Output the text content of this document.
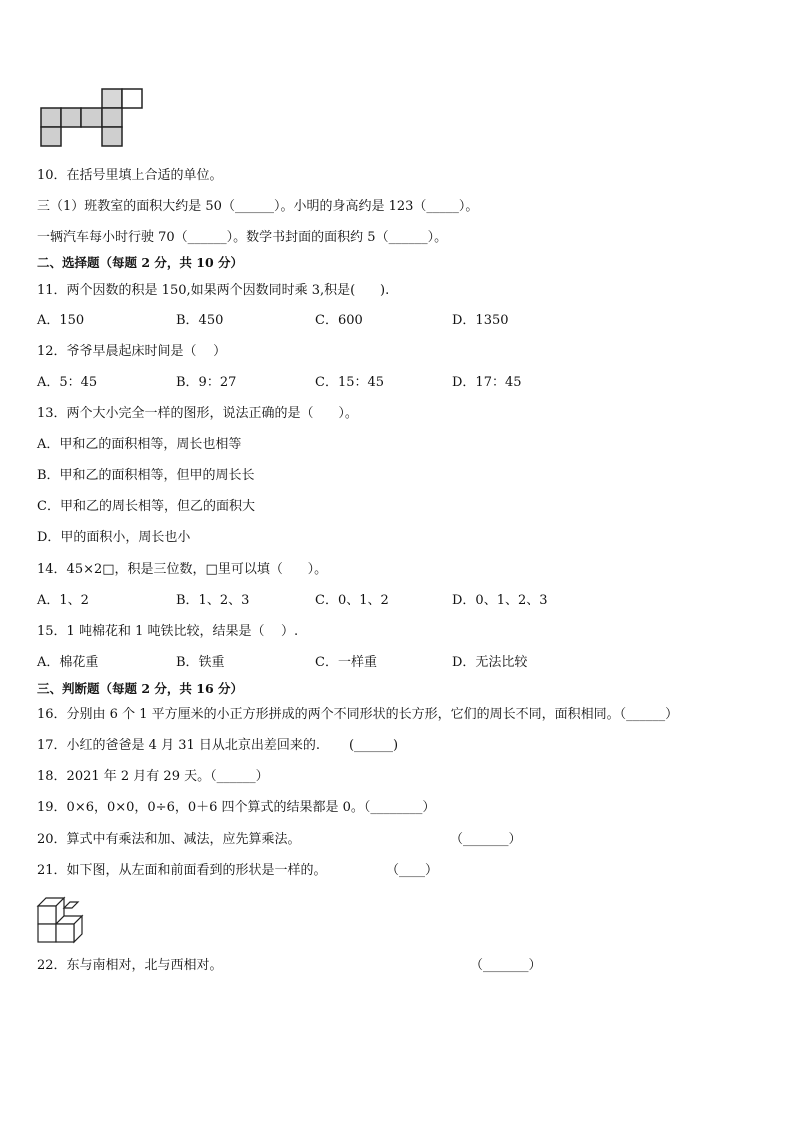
10．在括号里填上合适的单位。
三（1）班教室的面积大约是 50（______）。小明的身高约是 123（_____）。
一辆汽车每小时行驶 70（______）。数学书封面的面积约 5（______）。
二、选择题（每题 2 分，共 10 分）
11．两个因数的积是 150,如果两个因数同时乘 3,积是(      ).
A．150	B．450	C．600	D．1350
12．爷爷早晨起床时间是（    ）
A．5：45	B．9：27	C．15：45	D．17：45
13．两个大小完全一样的图形，说法正确的是（      ）。
A．甲和乙的面积相等，周长也相等
B．甲和乙的面积相等，但甲的周长长
C．甲和乙的周长相等，但乙的面积大
D．甲的面积小，周长也小
14．45×2□，积是三位数，□里可以填（      ）。
A．1、2	B．1、2、3	C．0、1、2	D．0、1、2、3
15．1 吨棉花和 1 吨铁比较，结果是（    ）.
A．棉花重	B．铁重	C．一样重	D．无法比较
三、判断题（每题 2 分，共 16 分）
16．分别由 6 个 1 平方厘米的小正方形拼成的两个不同形状的长方形，它们的周长不同，面积相同。（______）
17．小红的爸爸是 4 月 31 日从北京出差回来的.       (______)
18．2021 年 2 月有 29 天。（______）
19．0×6，0×0，0÷6，0＋6 四个算式的结果都是 0。（________）
20．算式中有乘法和加、减法，应先算乘法。	（_______）
21．如下图，从左面和前面看到的形状是一样的。	（____）
22．东与南相对，北与西相对。	（_______）
